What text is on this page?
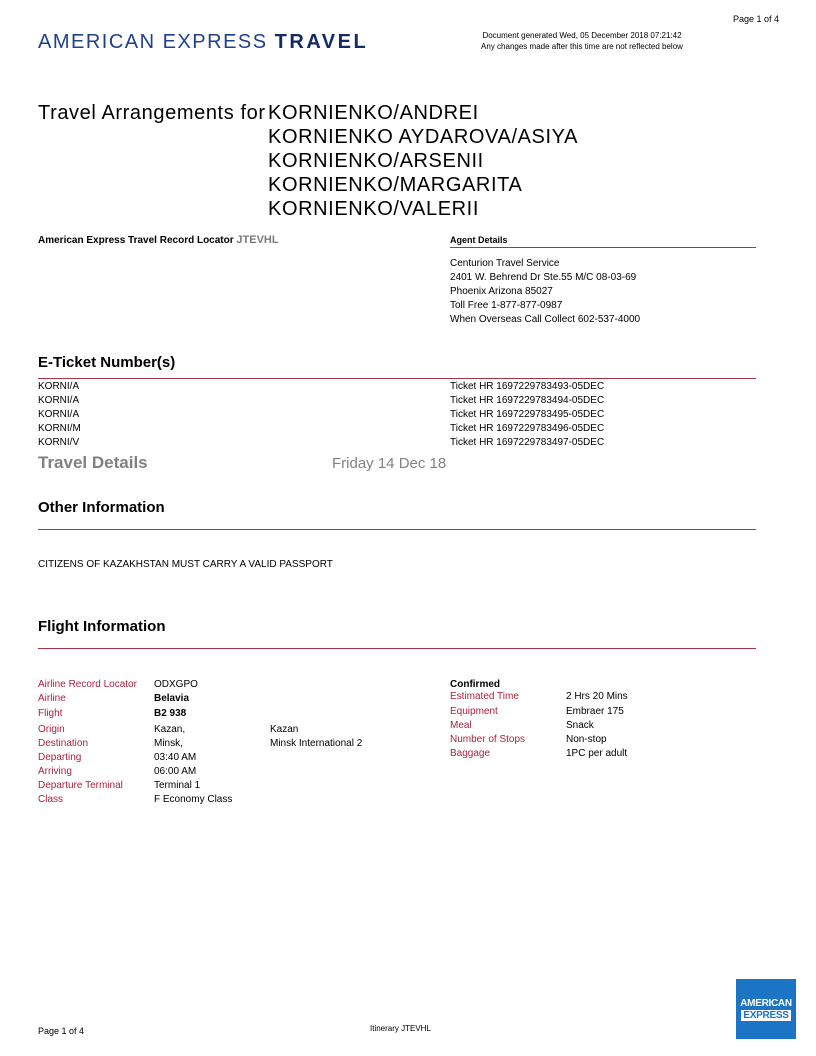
Page 1 of 4
AMERICAN EXPRESS TRAVEL	Document generated Wed, 05 December 2018 07:21:42
Any changes made after this time are not reflected below
Travel Arrangements for KORNIENKO/ANDREI
KORNIENKO AYDAROVA/ASIYA
KORNIENKO/ARSENII
KORNIENKO/MARGARITA
KORNIENKO/VALERII
American Express Travel Record Locator JTEVHL	Agent Details
Centurion Travel Service
2401 W. Behrend Dr Ste.55 M/C 08-03-69
Phoenix Arizona 85027
Toll Free 1-877-877-0987
When Overseas Call Collect 602-537-4000
E-Ticket Number(s)
KORNI/A	Ticket HR 1697229783493-05DEC
KORNI/A	Ticket HR 1697229783494-05DEC
KORNI/A	Ticket HR 1697229783495-05DEC
KORNI/M	Ticket HR 1697229783496-05DEC
KORNI/V	Ticket HR 1697229783497-05DEC
Travel Details	Friday 14 Dec 18
Other Information
CITIZENS OF KAZAKHSTAN MUST CARRY A VALID PASSPORT
Flight Information
Airline Record Locator ODXGPO
Airline	Belavia
Flight	B2 938
Origin	Kazan,	Kazan
Destination	Minsk,	Minsk International 2
Departing	03:40 AM
Arriving	06:00 AM
Departure Terminal	Terminal 1
Class	F Economy Class
Confirmed
Estimated Time	2 Hrs 20 Mins
Equipment	Embraer 175
Meal	Snack
Number of Stops	Non-stop
Baggage	1PC per adult
Page 1 of 4	Itinerary JTEVHL
AMERICAN
EXPRESS
